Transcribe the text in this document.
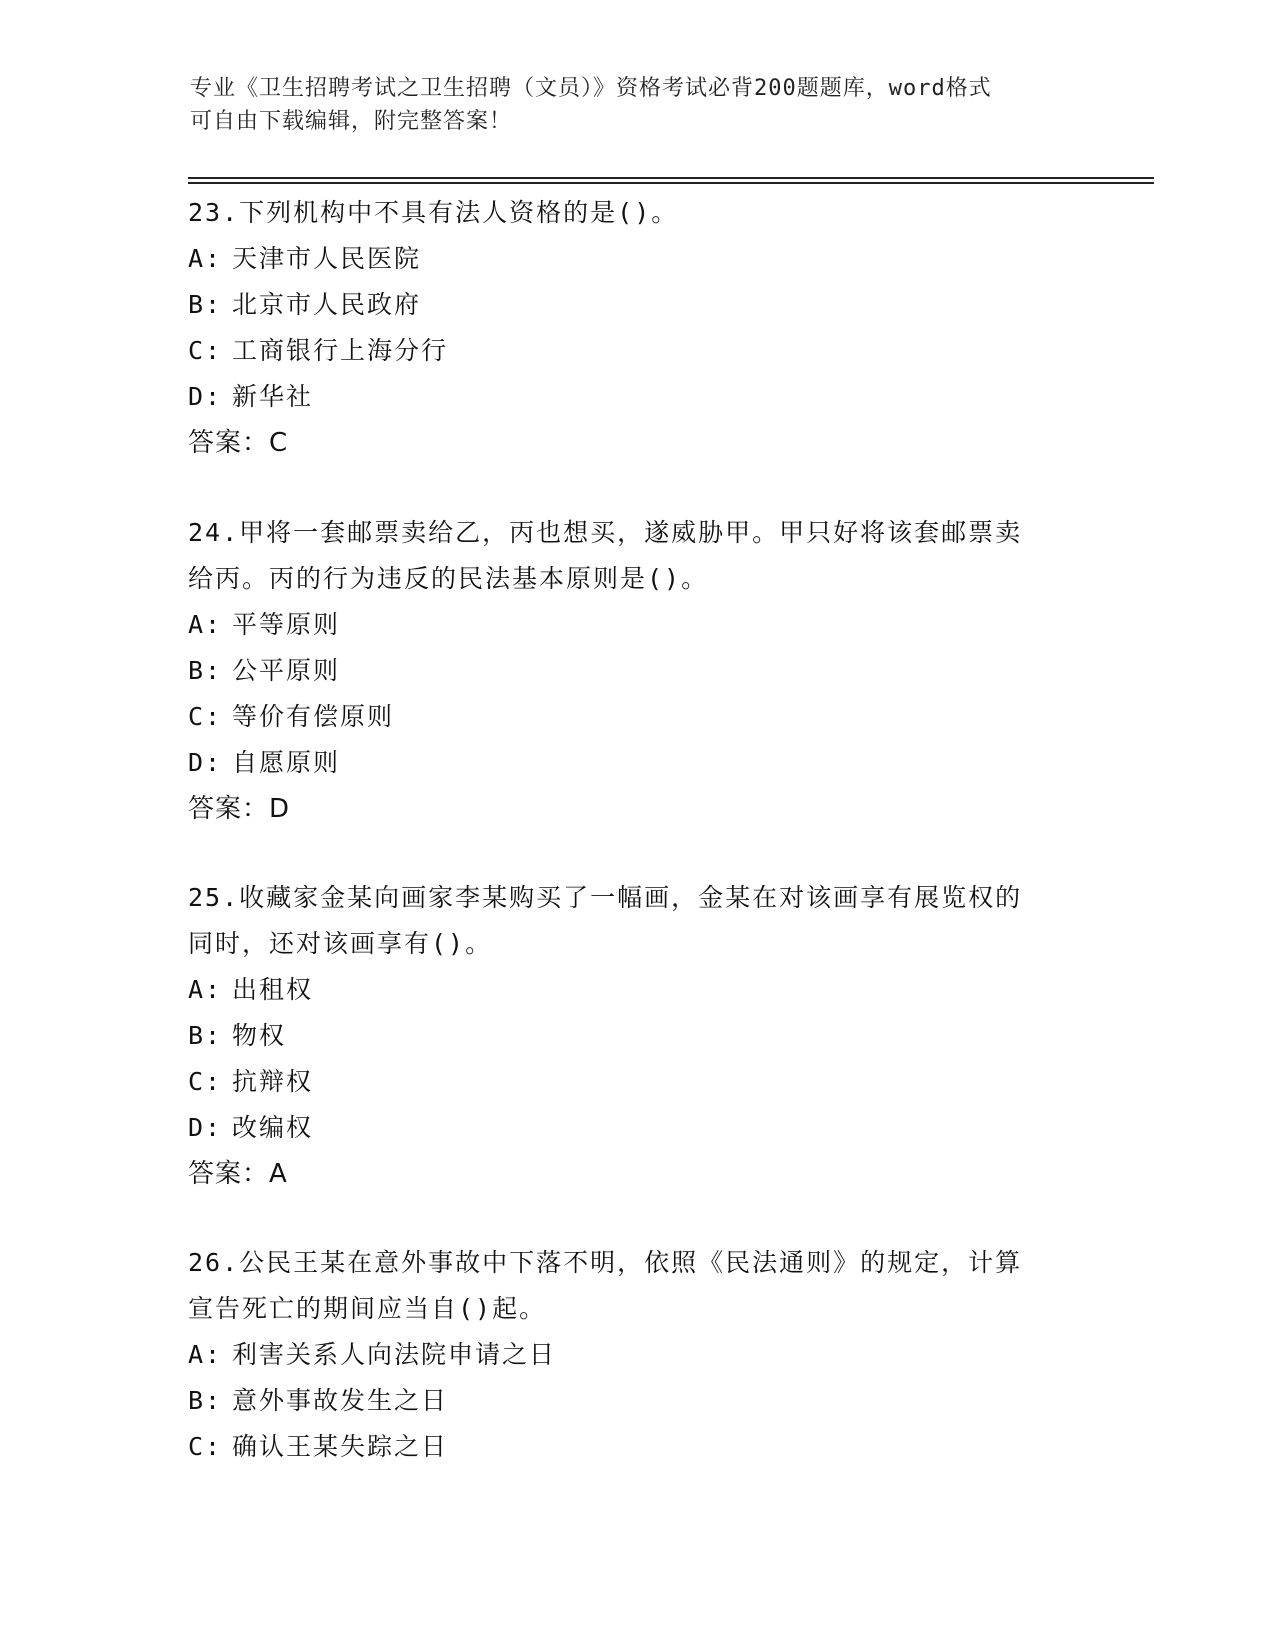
专业《卫生招聘考试之卫生招聘（文员）》资格考试必背200题题库，word格式
可自由下载编辑，附完整答案！
23.下列机构中不具有法人资格的是()。
A: 天津市人民医院
B: 北京市人民政府
C: 工商银行上海分行
D: 新华社
答案：C
24.甲将一套邮票卖给乙，丙也想买，遂威胁甲。甲只好将该套邮票卖
给丙。丙的行为违反的民法基本原则是()。
A: 平等原则
B: 公平原则
C: 等价有偿原则
D: 自愿原则
答案：D
25.收藏家金某向画家李某购买了一幅画，金某在对该画享有展览权的
同时，还对该画享有()。
A: 出租权
B: 物权
C: 抗辩权
D: 改编权
答案：A
26.公民王某在意外事故中下落不明，依照《民法通则》的规定，计算
宣告死亡的期间应当自()起。
A: 利害关系人向法院申请之日
B: 意外事故发生之日
C: 确认王某失踪之日
